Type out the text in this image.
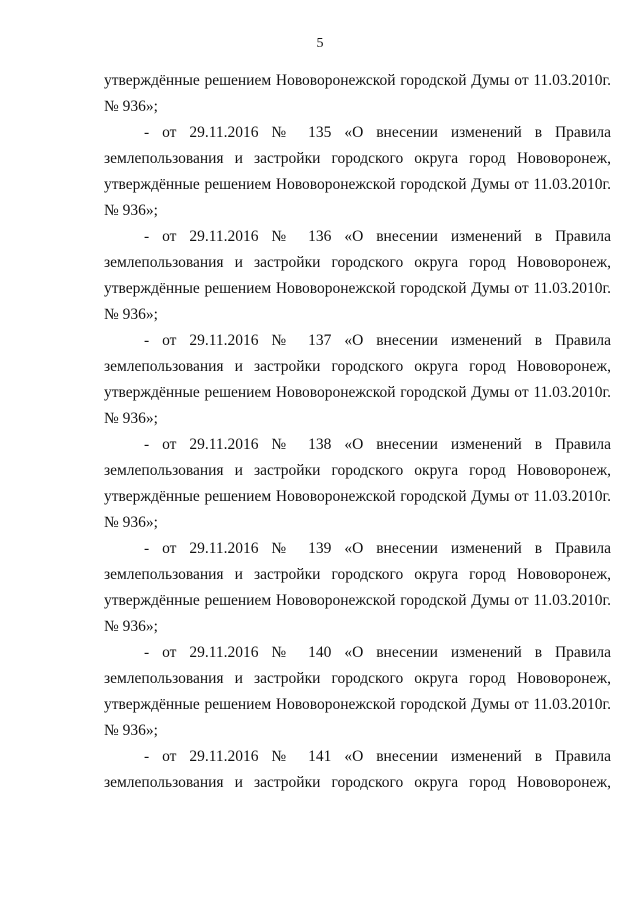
5
утверждённые решением Нововоронежской городской Думы от 11.03.2010г.
№ 936»;
- от 29.11.2016 № 135 «О внесении изменений в Правила
землепользования и застройки городского округа город Нововоронеж,
утверждённые решением Нововоронежской городской Думы от 11.03.2010г.
№ 936»;
- от 29.11.2016 № 136 «О внесении изменений в Правила
землепользования и застройки городского округа город Нововоронеж,
утверждённые решением Нововоронежской городской Думы от 11.03.2010г.
№ 936»;
- от 29.11.2016 № 137 «О внесении изменений в Правила
землепользования и застройки городского округа город Нововоронеж,
утверждённые решением Нововоронежской городской Думы от 11.03.2010г.
№ 936»;
- от 29.11.2016 № 138 «О внесении изменений в Правила
землепользования и застройки городского округа город Нововоронеж,
утверждённые решением Нововоронежской городской Думы от 11.03.2010г.
№ 936»;
- от 29.11.2016 № 139 «О внесении изменений в Правила
землепользования и застройки городского округа город Нововоронеж,
утверждённые решением Нововоронежской городской Думы от 11.03.2010г.
№ 936»;
- от 29.11.2016 № 140 «О внесении изменений в Правила
землепользования и застройки городского округа город Нововоронеж,
утверждённые решением Нововоронежской городской Думы от 11.03.2010г.
№ 936»;
- от 29.11.2016 № 141 «О внесении изменений в Правила
землепользования и застройки городского округа город Нововоронеж,
